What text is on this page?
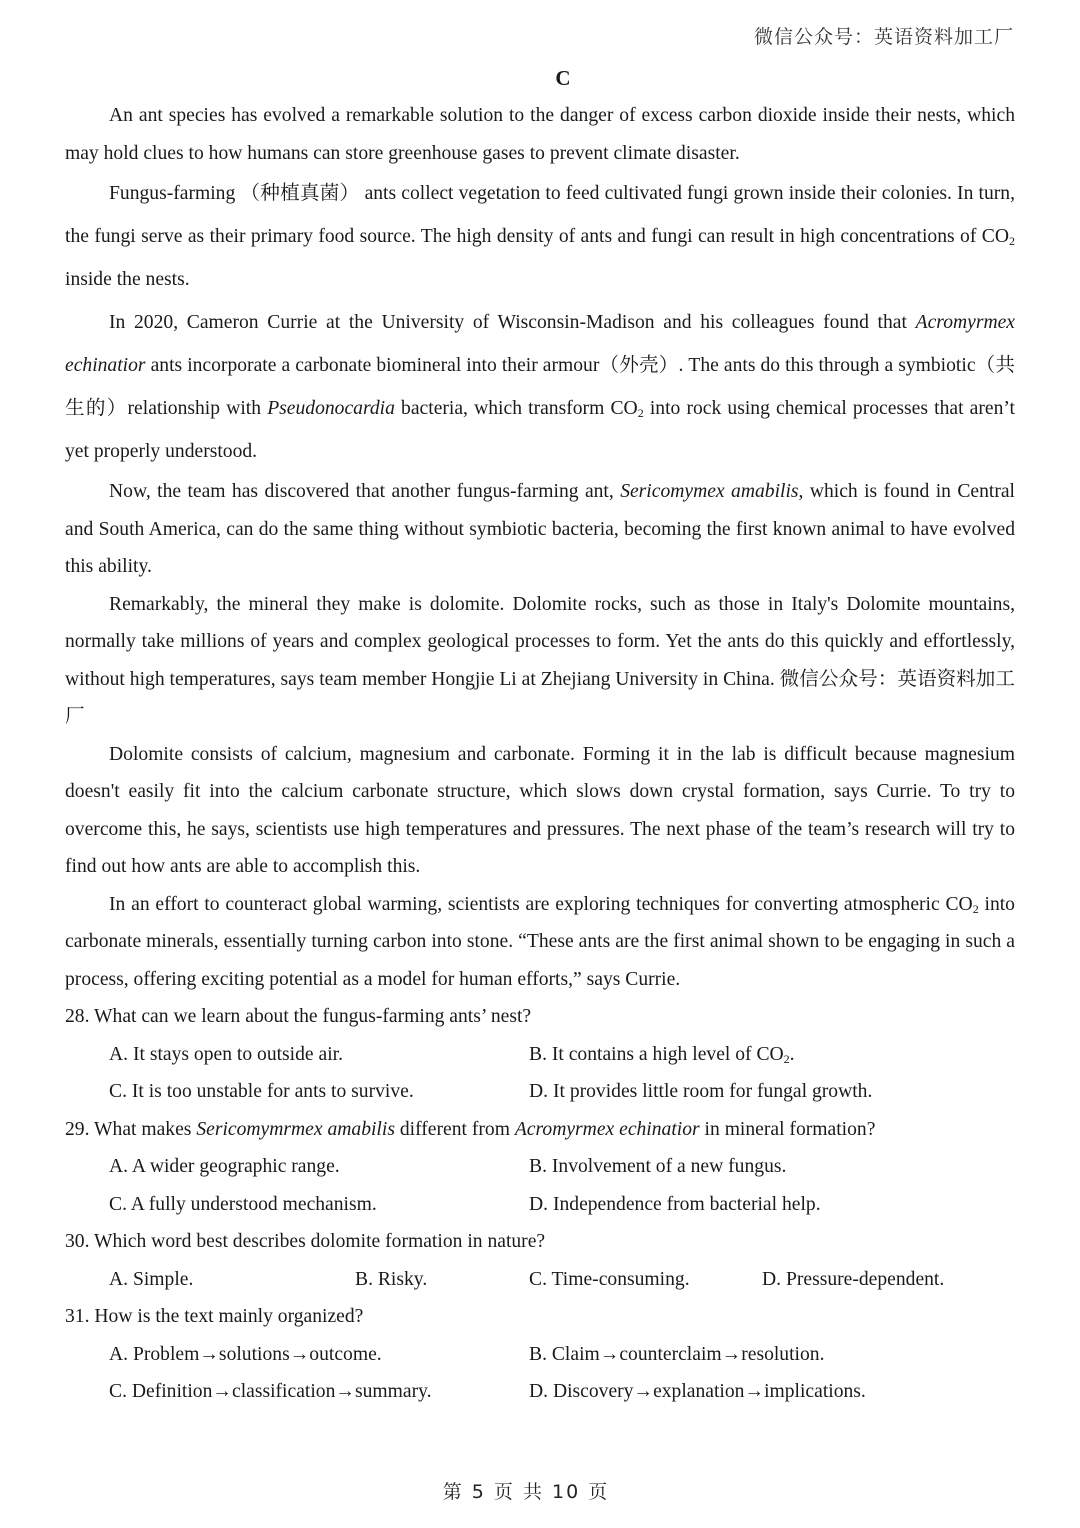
微信公众号：英语资料加工厂
C

An ant species has evolved a remarkable solution to the danger of excess carbon dioxide inside their nests, which may hold clues to how humans can store greenhouse gases to prevent climate disaster.

Fungus-farming （种植真菌） ants collect vegetation to feed cultivated fungi grown inside their colonies. In turn, the fungi serve as their primary food source. The high density of ants and fungi can result in high concentrations of $CO_2$ inside the nests.

In 2020, Cameron Currie at the University of Wisconsin-Madison and his colleagues found that Acromyrmex echinatior ants incorporate a carbonate biomineral into their armour（外壳）. The ants do this through a symbiotic（共生的）relationship with Pseudonocardia bacteria, which transform $CO_2$ into rock using chemical processes that aren’t yet properly understood.

Now, the team has discovered that another fungus-farming ant, Sericomymex amabilis, which is found in Central and South America, can do the same thing without symbiotic bacteria, becoming the first known animal to have evolved this ability.

Remarkably, the mineral they make is dolomite. Dolomite rocks, such as those in Italy's Dolomite mountains, normally take millions of years and complex geological processes to form. Yet the ants do this quickly and effortlessly, without high temperatures, says team member Hongjie Li at Zhejiang University in China. 微信公众号：英语资料加工厂

Dolomite consists of calcium, magnesium and carbonate. Forming it in the lab is difficult because magnesium doesn't easily fit into the calcium carbonate structure, which slows down crystal formation, says Currie. To try to overcome this, he says, scientists use high temperatures and pressures. The next phase of the team’s research will try to find out how ants are able to accomplish this.

In an effort to counteract global warming, scientists are exploring techniques for converting atmospheric $CO_2$ into carbonate minerals, essentially turning carbon into stone. “These ants are the first animal shown to be engaging in such a process, offering exciting potential as a model for human efforts,” says Currie.

28. What can we learn about the fungus-farming ants’ nest?

A. It stays open to outside air.	B. It contains a high level of $CO_2$.
C. It is too unstable for ants to survive.	D. It provides little room for fungal growth.

29. What makes Sericomymrmex amabilis different from Acromyrmex echinatior in mineral formation?

A. A wider geographic range.	B. Involvement of a new fungus.
C. A fully understood mechanism.	D. Independence from bacterial help.

30. Which word best describes dolomite formation in nature?

A. Simple.	B. Risky.	C. Time-consuming.	D. Pressure-dependent.

31. How is the text mainly organized?

A. Problem→solutions→outcome.	B. Claim→counterclaim→resolution.
C. Definition→classification→summary.	D. Discovery→explanation→implications.
第 5 页 共 10 页
